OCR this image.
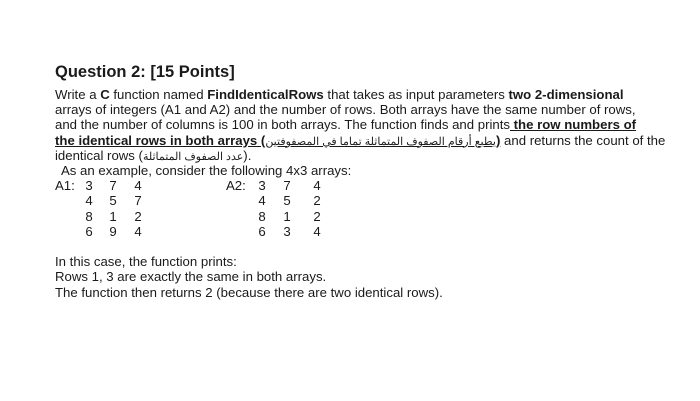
Question 2: [15 Points]
Write a C function named FindIdenticalRows that takes as input parameters two 2-dimensional
arrays of integers (A1 and A2) and the number of rows. Both arrays have the same number of rows,
and the number of columns is 100 in both arrays. The function finds and prints the row numbers of
the identical rows in both arrays (يطبع أرقام الصفوف المتماثلة تماما في المصفوفتين) and returns the count of the
identical rows (عدد الصفوف المتماثلة).
As an example, consider the following 4x3 arrays:
A1:	A2:
3 7 4
4 5 7
8 1 2
6 9 4
3 7 4
4 5 2
8 1 2
6 3 4
In this case, the function prints:
Rows 1, 3 are exactly the same in both arrays.
The function then returns 2 (because there are two identical rows).
